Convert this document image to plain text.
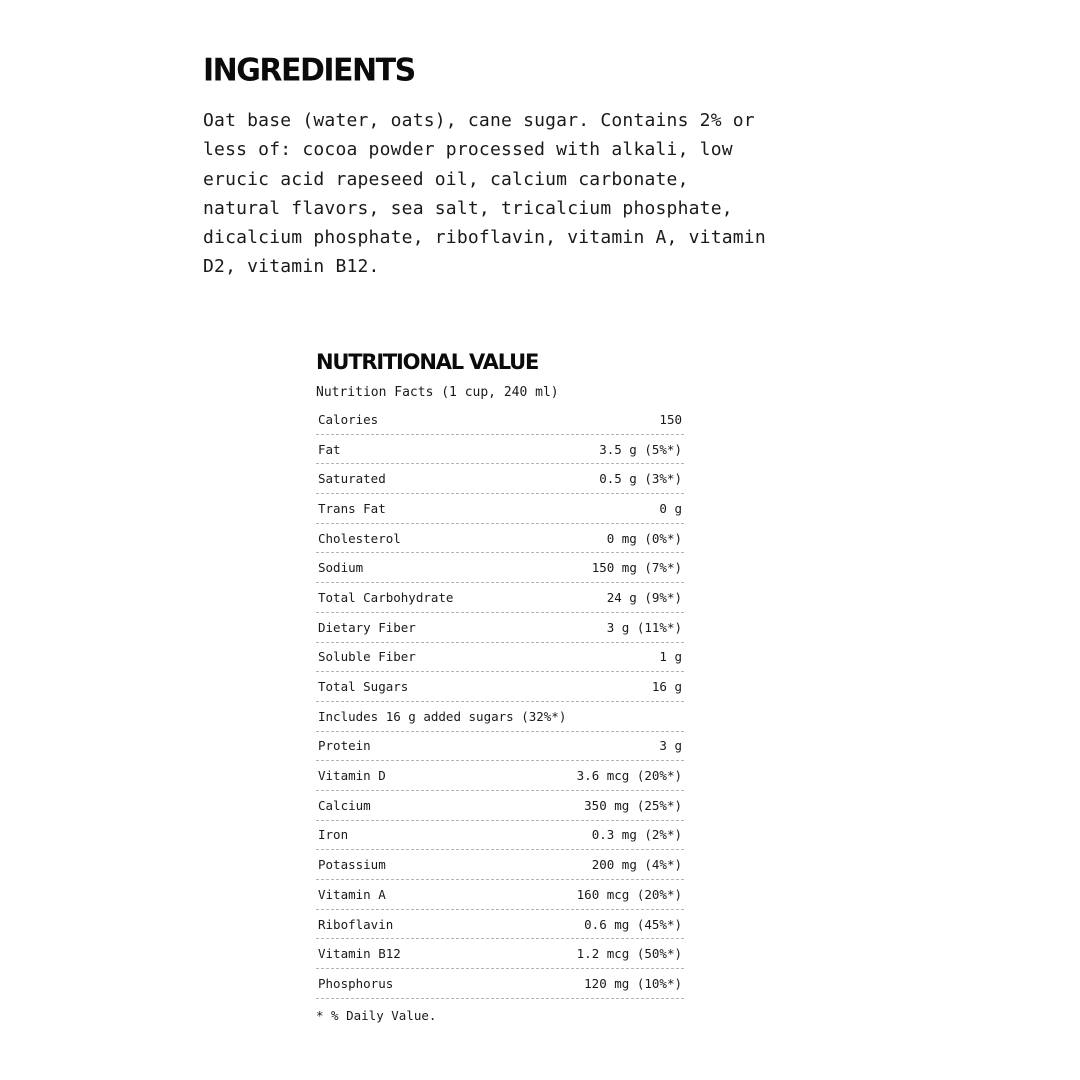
INGREDIENTS

Oat base (water, oats), cane sugar. Contains 2% or less of: cocoa powder processed with alkali, low erucic acid rapeseed oil, calcium carbonate, natural flavors, sea salt, tricalcium phosphate, dicalcium phosphate, riboflavin, vitamin A, vitamin D2, vitamin B12.

NUTRITIONAL VALUE
Nutrition Facts (1 cup, 240 ml)
Calories	150
Fat	3.5 g (5%*)
Saturated	0.5 g (3%*)
Trans Fat	0 g
Cholesterol	0 mg (0%*)
Sodium	150 mg (7%*)
Total Carbohydrate	24 g (9%*)
Dietary Fiber	3 g (11%*)
Soluble Fiber	1 g
Total Sugars	16 g
Includes 16 g added sugars (32%*)
Protein	3 g
Vitamin D	3.6 mcg (20%*)
Calcium	350 mg (25%*)
Iron	0.3 mg (2%*)
Potassium	200 mg (4%*)
Vitamin A	160 mcg (20%*)
Riboflavin	0.6 mg (45%*)
Vitamin B12	1.2 mcg (50%*)
Phosphorus	120 mg (10%*)
* % Daily Value.
